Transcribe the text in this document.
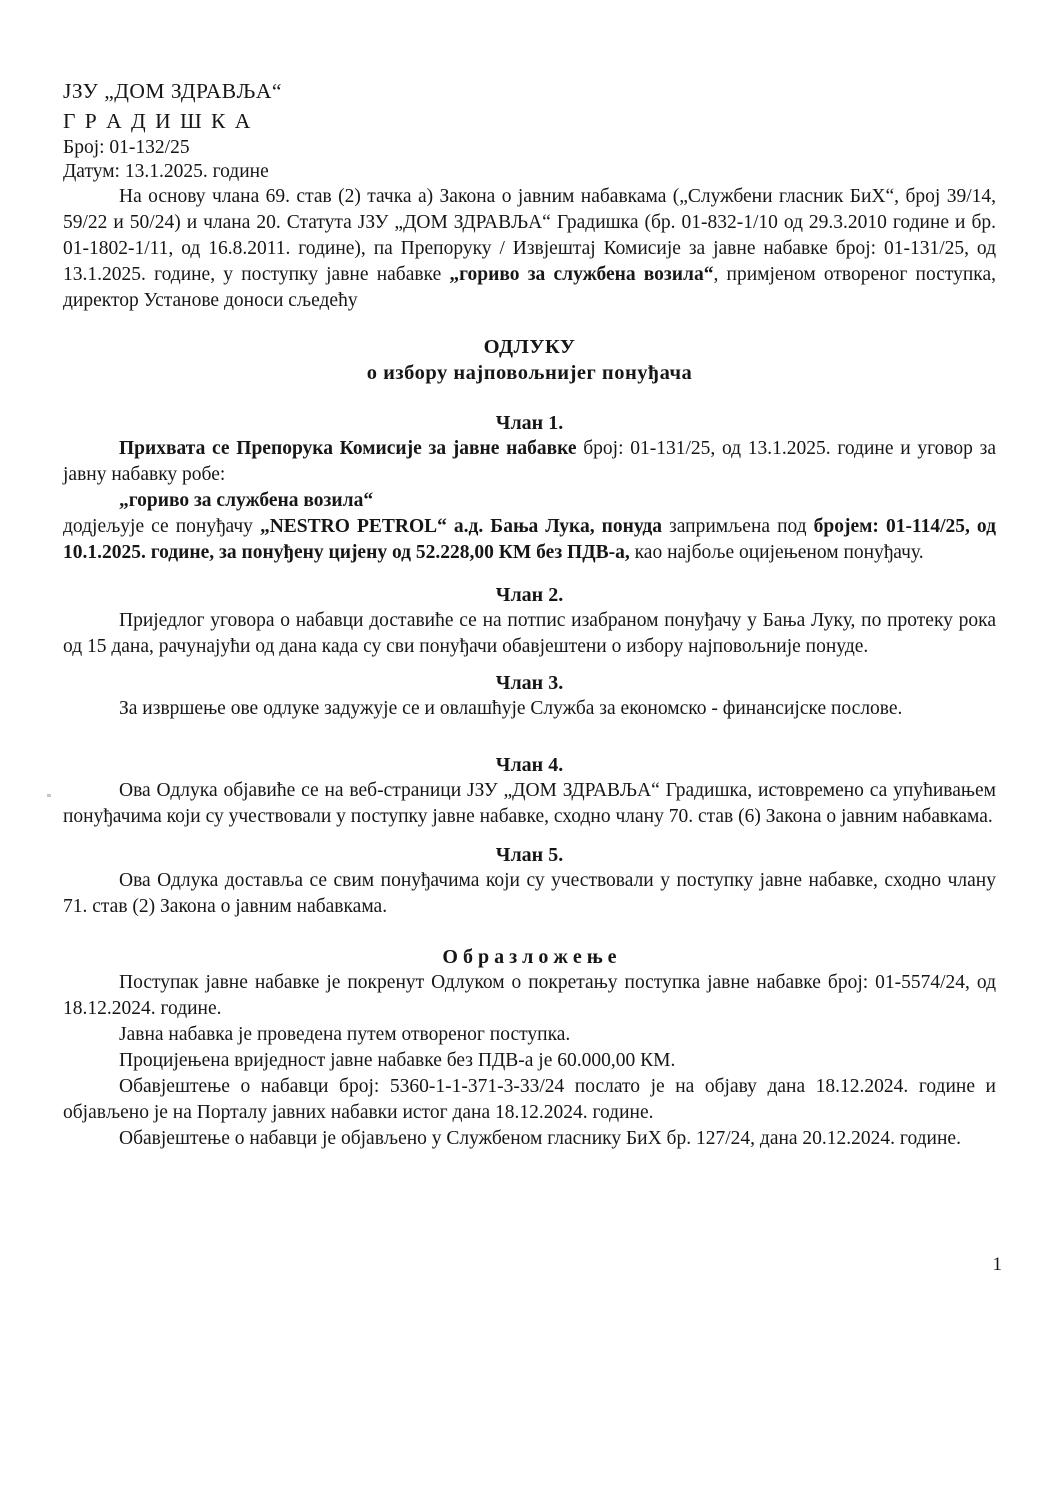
ЈЗУ „ДОМ ЗДРАВЉА“

Г Р А Д И Ш К А

Број: 01-132/25

Датум: 13.1.2025. године

На основу члана 69. став (2) тачка а) Закона о јавним набавкама („Службени гласник БиХ“, број 39/14, 59/22 и 50/24) и члана 20. Статута ЈЗУ „ДОМ ЗДРАВЉА“ Градишка (бр. 01-832-1/10 од 29.3.2010 године и бр. 01-1802-1/11, од 16.8.2011. године), па Препоруку / Извјештај Комисије за јавне набавке број: 01-131/25, од 13.1.2025. године, у поступку јавне набавке „гориво за службена возила“, примјеном отвореног поступка, директор Установе доноси сљедећу

ОДЛУКУ

о избору најповољнијег понуђача

Члан 1.

Прихвата се Препорука Комисије за јавне набавке број: 01-131/25, од 13.1.2025. године и уговор за јавну набавку робе:

„гориво за службена возила“

додјељује се понуђачу „NESTRO PETROL“ а.д. Бања Лука, понуда запримљена под бројем: 01-114/25, од 10.1.2025. године, за понуђену цијену од 52.228,00 КМ без ПДВ-а, као најбоље оцијењеном понуђачу.

Члан 2.

Приједлог уговора о набавци доставиће се на потпис изабраном понуђачу у Бања Луку, по протеку рока од 15 дана, рачунајући од дана када су сви понуђачи обавјештени о избору најповољније понуде.

Члан 3.

За извршење ове одлуке задужује се и овлашћује Служба за економско - финансијске послове.

Члан 4.

Ова Одлука објавиће се на веб-страници ЈЗУ „ДОМ ЗДРАВЉА“ Градишка, истовремено са упућивањем понуђачима који су учествовали у поступку јавне набавке, сходно члану 70. став (6) Закона о јавним набавкама.

Члан 5.

Ова Одлука доставља се свим понуђачима који су учествовали у поступку јавне набавке, сходно члану 71. став (2) Закона о јавним набавкама.

О б р а з л о ж е њ е

Поступак јавне набавке је покренут Одлуком о покретању поступка јавне набавке број: 01-5574/24, од 18.12.2024. године.

Јавна набавка је проведена путем отвореног поступка.

Процијењена вриједност јавне набавке без ПДВ-а је 60.000,00 КМ.

Обавјештење о набавци број: 5360-1-1-371-3-33/24 послато је на објаву дана 18.12.2024. године и објављено је на Порталу јавних набавки истог дана 18.12.2024. године.

Обавјештење о набавци је објављено у Службеном гласнику БиХ бр. 127/24, дана 20.12.2024. године.

1
